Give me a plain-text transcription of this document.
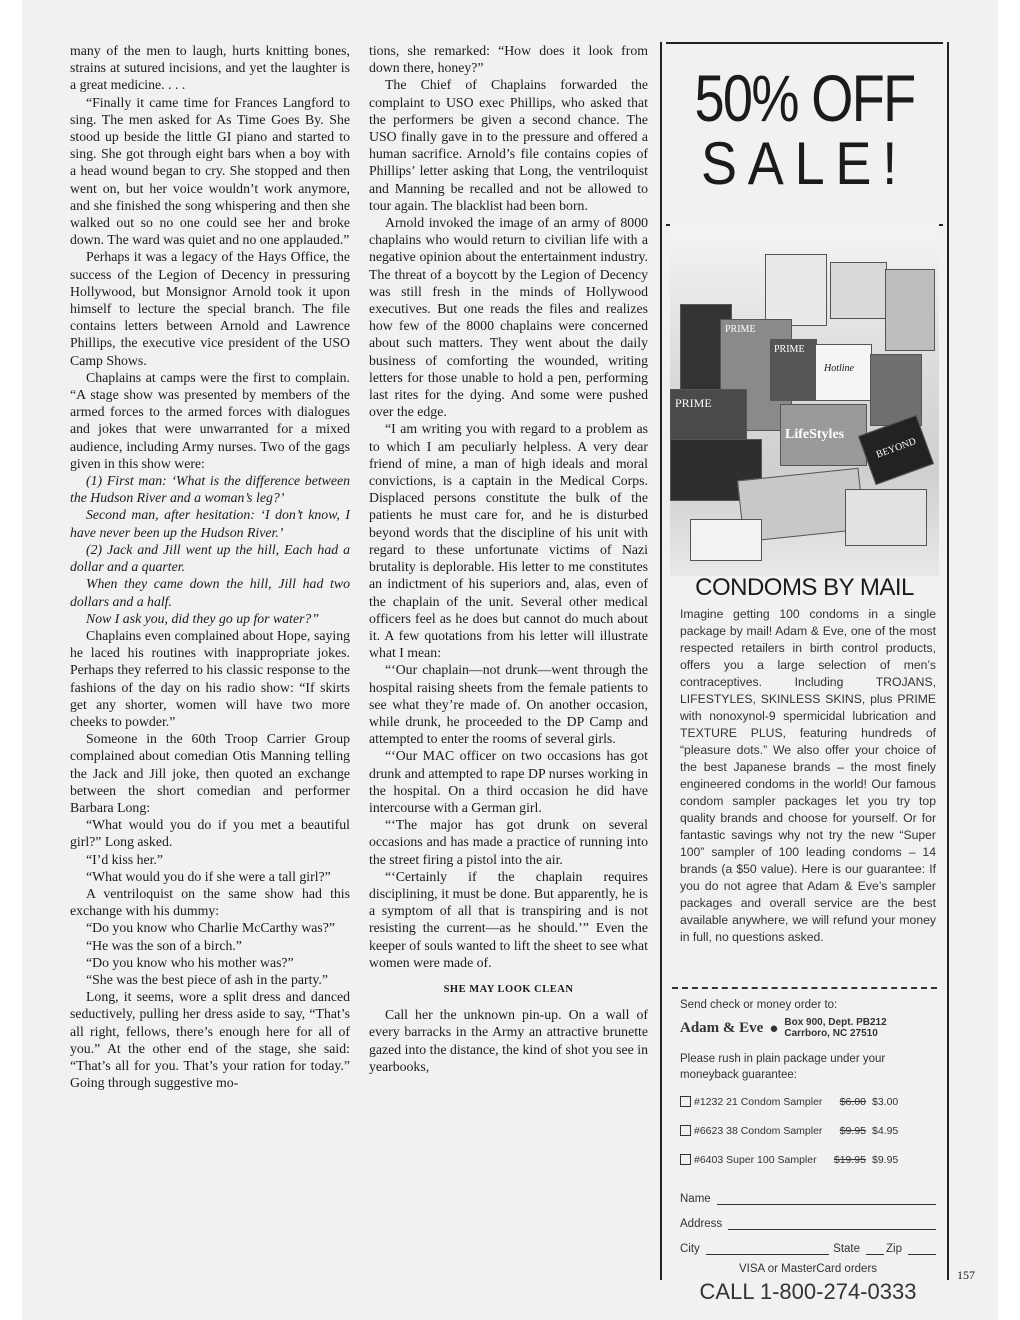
many of the men to laugh, hurts knitting bones, strains at sutured incisions, and yet the laughter is a great medicine. . . .

“Finally it came time for Frances Langford to sing. The men asked for As Time Goes By. She stood up beside the little GI piano and started to sing. She got through eight bars when a boy with a head wound began to cry. She stopped and then went on, but her voice wouldn’t work anymore, and she finished the song whispering and then she walked out so no one could see her and broke down. The ward was quiet and no one applauded.”

Perhaps it was a legacy of the Hays Office, the success of the Legion of Decency in pressuring Hollywood, but Monsignor Arnold took it upon himself to lecture the special branch. The file contains letters between Arnold and Lawrence Phillips, the executive vice president of the USO Camp Shows.

Chaplains at camps were the first to complain. “A stage show was presented by members of the armed forces to the armed forces with dialogues and jokes that were unwarranted for a mixed audience, including Army nurses. Two of the gags given in this show were:

(1) First man: ‘What is the difference between the Hudson River and a woman’s leg?’

Second man, after hesitation: ‘I don’t know, I have never been up the Hudson River.’

(2) Jack and Jill went up the hill, Each had a dollar and a quarter.

When they came down the hill, Jill had two dollars and a half.

Now I ask you, did they go up for water?”

Chaplains even complained about Hope, saying he laced his routines with inappropriate jokes. Perhaps they referred to his classic response to the fashions of the day on his radio show: “If skirts get any shorter, women will have two more cheeks to powder.”

Someone in the 60th Troop Carrier Group complained about comedian Otis Manning telling the Jack and Jill joke, then quoted an exchange between the short comedian and performer Barbara Long:

“What would you do if you met a beautiful girl?” Long asked.

“I’d kiss her.”

“What would you do if she were a tall girl?”

A ventriloquist on the same show had this exchange with his dummy:

“Do you know who Charlie McCarthy was?”

“He was the son of a birch.”

“Do you know who his mother was?”

“She was the best piece of ash in the party.”

Long, it seems, wore a split dress and danced seductively, pulling her dress aside to say, “That’s all right, fellows, there’s enough here for all of you.” At the other end of the stage, she said: “That’s all for you. That’s your ration for today.” Going through suggestive mo-

tions, she remarked: “How does it look from down there, honey?”

The Chief of Chaplains forwarded the complaint to USO exec Phillips, who asked that the performers be given a second chance. The USO finally gave in to the pressure and offered a human sacrifice. Arnold’s file contains copies of Phillips’ letter asking that Long, the ventriloquist and Manning be recalled and not be allowed to tour again. The blacklist had been born.

Arnold invoked the image of an army of 8000 chaplains who would return to civilian life with a negative opinion about the entertainment industry. The threat of a boycott by the Legion of Decency was still fresh in the minds of Hollywood executives. But one reads the files and realizes how few of the 8000 chaplains were concerned about such matters. They went about the daily business of comforting the wounded, writing letters for those unable to hold a pen, performing last rites for the dying. And some were pushed over the edge.

“I am writing you with regard to a problem as to which I am peculiarly helpless. A very dear friend of mine, a man of high ideals and moral convictions, is a captain in the Medical Corps. Displaced persons constitute the bulk of the patients he must care for, and he is disturbed beyond words that the discipline of his unit with regard to these unfortunate victims of Nazi brutality is deplorable. His letter to me constitutes an indictment of his superiors and, alas, even of the chaplain of the unit. Several other medical officers feel as he does but cannot do much about it. A few quotations from his letter will illustrate what I mean:

“‘Our chaplain—not drunk—went through the hospital raising sheets from the female patients to see what they’re made of. On another occasion, while drunk, he proceeded to the DP Camp and attempted to enter the rooms of several girls.

“‘Our MAC officer on two occasions has got drunk and attempted to rape DP nurses working in the hospital. On a third occasion he did have intercourse with a German girl.

“‘The major has got drunk on several occasions and has made a practice of running into the street firing a pistol into the air.

“‘Certainly if the chaplain requires disciplining, it must be done. But apparently, he is a symptom of all that is transpiring and is not resisting the current—as he should.’” Even the keeper of souls wanted to lift the sheet to see what women were made of.

SHE MAY LOOK CLEAN

Call her the unknown pin-up. On a wall of every barracks in the Army an attractive brunette gazed into the distance, the kind of shot you see in yearbooks,

50% OFF
SALE!
PRIME
PRIME
Hotline
LifeStyles
PRIME
BEYOND
CONDOMS BY MAIL
Imagine getting 100 condoms in a single package by mail! Adam & Eve, one of the most respected retailers in birth control products, offers you a large selection of men’s contraceptives. Including TROJANS, LIFESTYLES, SKINLESS SKINS, plus PRIME with nonoxynol-9 spermicidal lubrication and TEXTURE PLUS, featuring hundreds of “pleasure dots.” We also offer your choice of the best Japanese brands – the most finely engineered condoms in the world! Our famous condom sampler packages let you try top quality brands and choose for yourself. Or for fantastic savings why not try the new “Super 100” sampler of 100 leading condoms – 14 brands (a $50 value). Here is our guarantee: If you do not agree that Adam & Eve’s sampler packages and overall service are the best available anywhere, we will refund your money in full, no questions asked.
Send check or money order to:
Adam & Eve ● Box 900, Dept. PB212
Carrboro, NC 27510
Please rush in plain package under your moneyback guarantee:
#1232 21 Condom Sampler	$6.00 $3.00
#6623 38 Condom Sampler	$9.95 $4.95
#6403 Super 100 Sampler	$19.95 $9.95
Name
Address
City	State Zip
VISA or MasterCard orders
CALL 1-800-274-0333
157
